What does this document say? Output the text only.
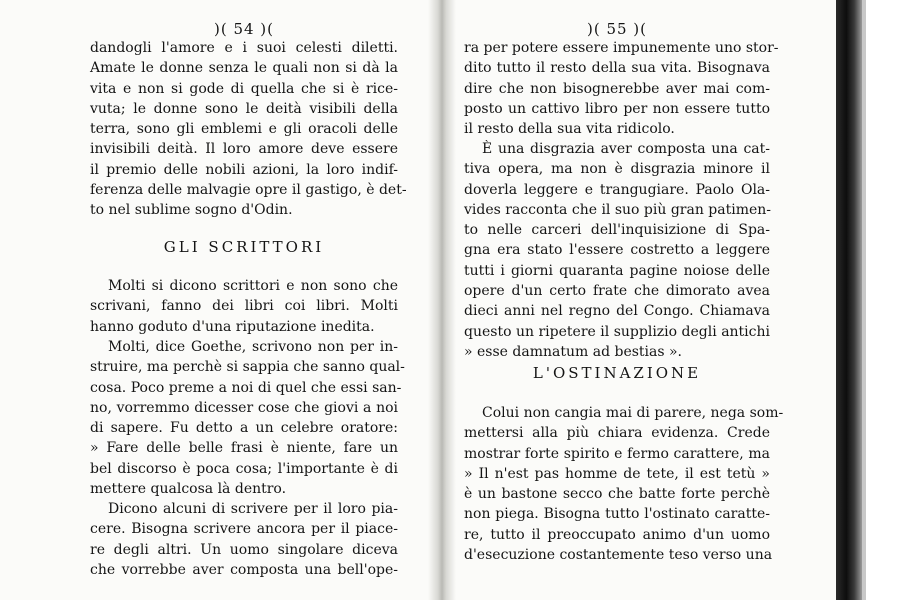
)( 54 )(
dandogli l'amore e i suoi celesti diletti.
Amate le donne senza le quali non si dà la
vita e non si gode di quella che si è rice-
vuta; le donne sono le deità visibili della
terra, sono gli emblemi e gli oracoli delle
invisibili deità. Il loro amore deve essere
il premio delle nobili azioni, la loro indif-
ferenza delle malvagie opre il gastigo, è det-
to nel sublime sogno d'Odin.
GLI SCRITTORI
Molti si dicono scrittori e non sono che
scrivani, fanno dei libri coi libri. Molti
hanno goduto d'una riputazione inedita.
Molti, dice Goethe, scrivono non per in-
struire, ma perchè si sappia che sanno qual-
cosa. Poco preme a noi di quel che essi san-
no, vorremmo dicesser cose che giovi a noi
di sapere. Fu detto a un celebre oratore:
» Fare delle belle frasi è niente, fare un
bel discorso è poca cosa; l'importante è di
mettere qualcosa là dentro.
Dicono alcuni di scrivere per il loro pia-
cere. Bisogna scrivere ancora per il piace-
re degli altri. Un uomo singolare diceva
che vorrebbe aver composta una bell'ope-
)( 55 )(
ra per potere essere impunemente uno stor-
dito tutto il resto della sua vita. Bisognava
dire che non bisognerebbe aver mai com-
posto un cattivo libro per non essere tutto
il resto della sua vita ridicolo.
È una disgrazia aver composta una cat-
tiva opera, ma non è disgrazia minore il
doverla leggere e trangugiare. Paolo Ola-
vides racconta che il suo più gran patimen-
to nelle carceri dell'inquisizione di Spa-
gna era stato l'essere costretto a leggere
tutti i giorni quaranta pagine noiose delle
opere d'un certo frate che dimorato avea
dieci anni nel regno del Congo. Chiamava
questo un ripetere il supplizio degli antichi
» esse damnatum ad bestias ».
L'OSTINAZIONE
Colui non cangia mai di parere, nega som-
mettersi alla più chiara evidenza. Crede
mostrar forte spirito e fermo carattere, ma
» Il n'est pas homme de tete, il est tetù »
è un bastone secco che batte forte perchè
non piega. Bisogna tutto l'ostinato carattе-
re, tutto il preoccupato animo d'un uomo
d'esecuzione costantemente teso verso una
